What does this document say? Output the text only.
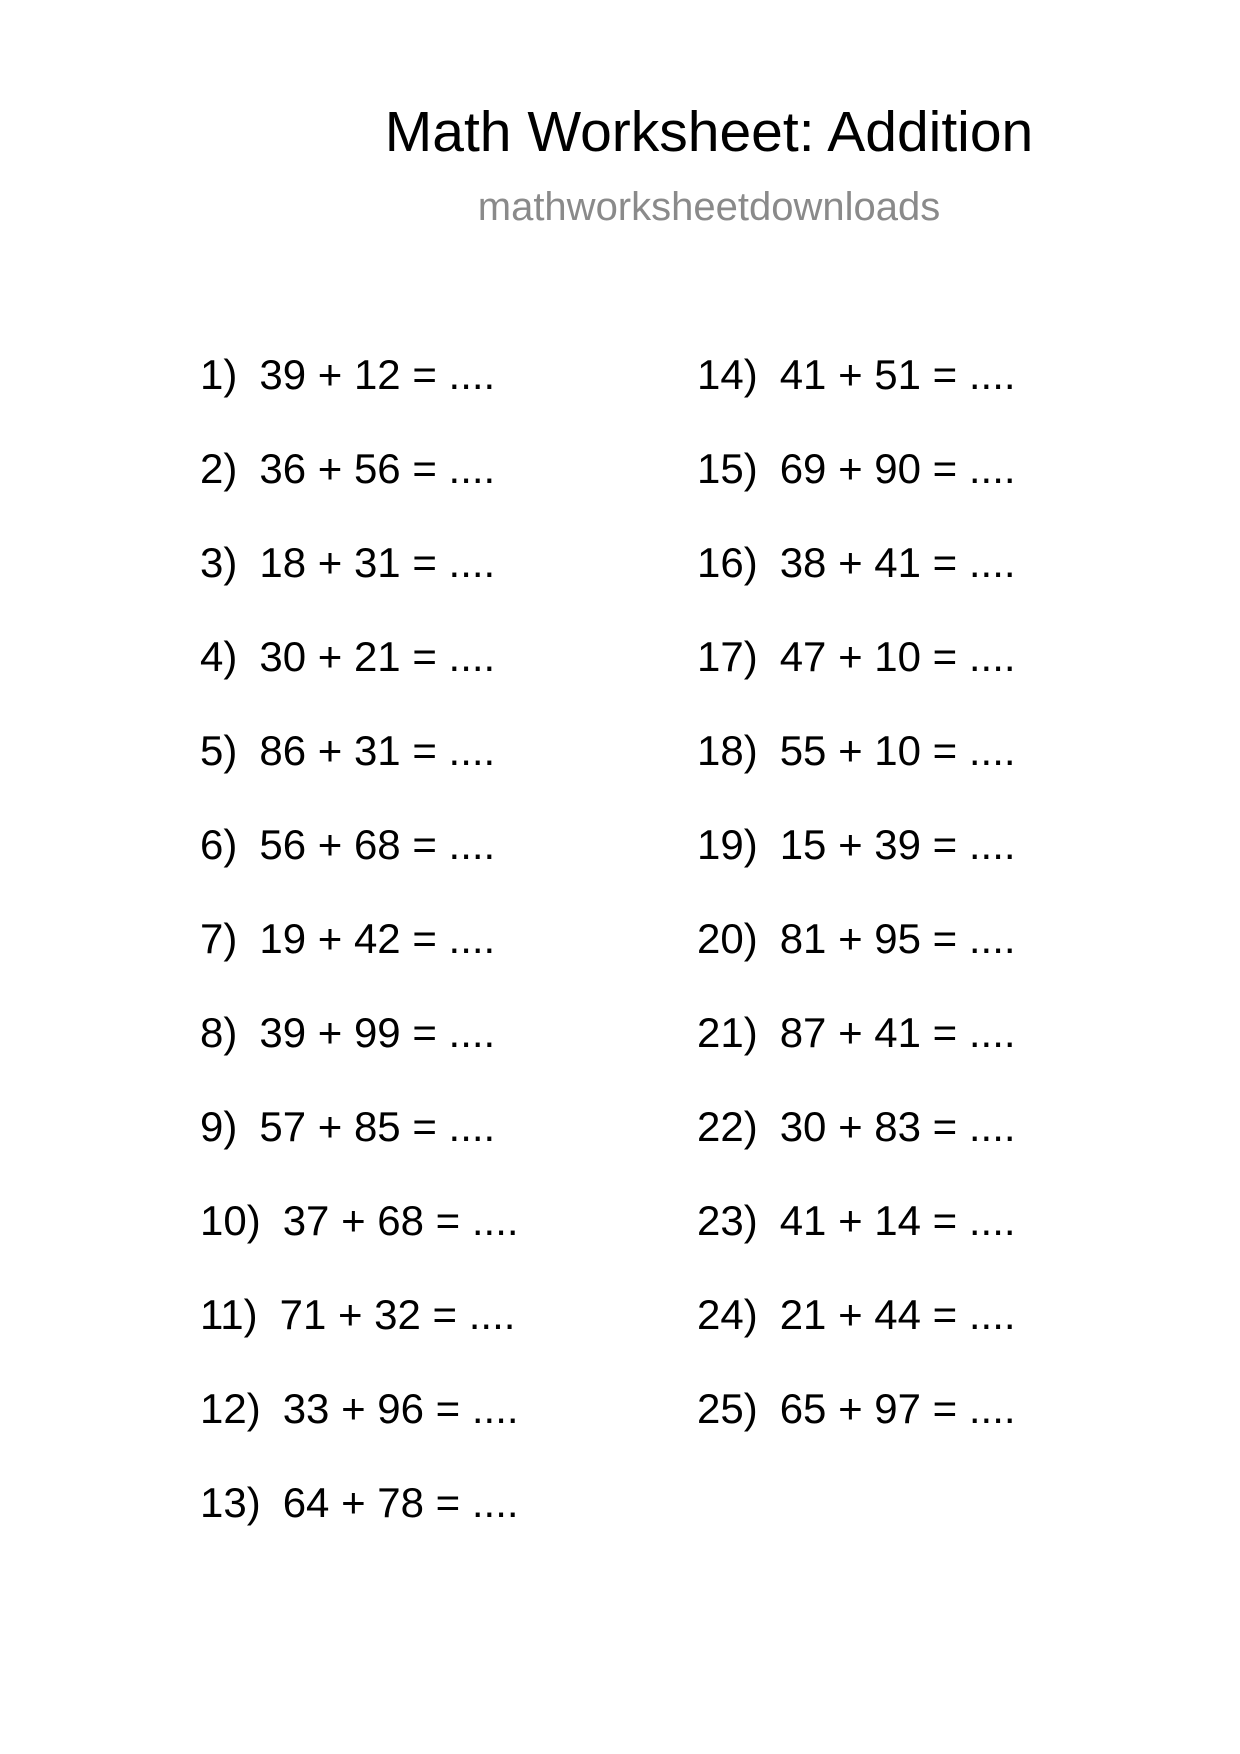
Math Worksheet: Addition
mathworksheetdownloads
1) 39 + 12 = ....
2) 36 + 56 = ....
3) 18 + 31 = ....
4) 30 + 21 = ....
5) 86 + 31 = ....
6) 56 + 68 = ....
7) 19 + 42 = ....
8) 39 + 99 = ....
9) 57 + 85 = ....
10) 37 + 68 = ....
11) 71 + 32 = ....
12) 33 + 96 = ....
13) 64 + 78 = ....
14) 41 + 51 = ....
15) 69 + 90 = ....
16) 38 + 41 = ....
17) 47 + 10 = ....
18) 55 + 10 = ....
19) 15 + 39 = ....
20) 81 + 95 = ....
21) 87 + 41 = ....
22) 30 + 83 = ....
23) 41 + 14 = ....
24) 21 + 44 = ....
25) 65 + 97 = ....
